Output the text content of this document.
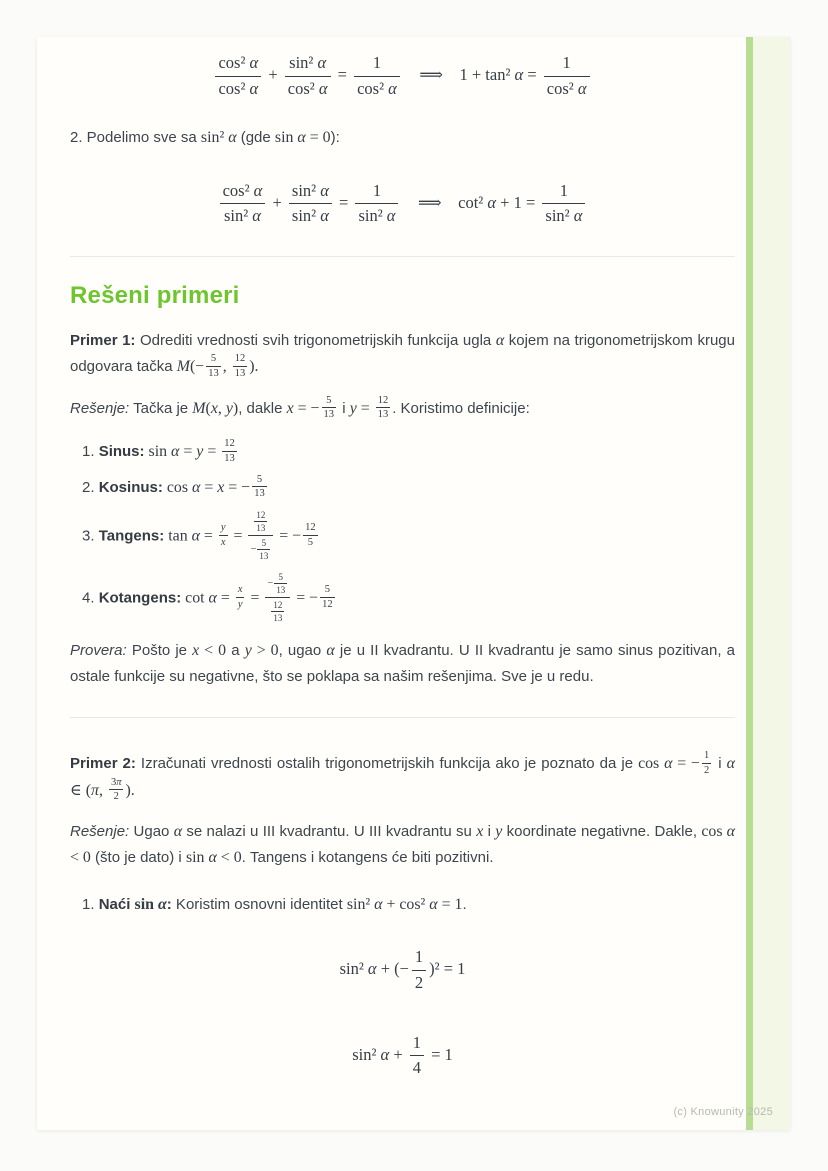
$\frac{\text{cos² α}}{\text{cos² α}} + \frac{\text{sin² α}}{\text{cos² α}} = \frac{1}{\text{cos² α}}$  ⟹ 1 + tan² $\alpha = \frac{1}{\text{cos² α}}$

2. Podelimo sve sa sin² α (gde sin α = 0):

$\frac{\text{cos² α}}{\text{sin² α}} + \frac{\text{sin² α}}{\text{sin² α}} = \frac{1}{\text{sin² α}}$  ⟹ cot² $\alpha + 1 = \frac{1}{\text{sin² α}}$
Rešeni primeri

Primer 1: Odrediti vrednosti svih trigonometrijskih funkcija ugla α kojem na trigonometrijskom krugu odgovara tačka $M(- \frac{5}{13}$ , $\frac{12}{13}$ ).

Rešenje: Tačka je M(x, y), dakle x = − $\frac{5}{13}$ i $y = \frac{12}{13}$ . Koristimo definicije:

1. Sinus: $\sin \alpha = y = \frac{12}{13}$
2. Kosinus: cos α = x = − $\frac{5}{13}$
3. Tangens: $\tan \alpha = \frac{y}{x} = \frac{\frac{12}{13}}{- \frac{5}{13}}$ = − $\frac{12}{5}$
4. Kotangens: $\cot \alpha = \frac{x}{y} = \frac{- \frac{5}{13}}{\frac{12}{13}}$ = − $\frac{5}{12}$

Provera: Pošto je x < 0 a y > 0, ugao α je u II kvadrantu. U II kvadrantu je samo sinus pozitivan, a ostale funkcije su negativne, što se poklapa sa našim rešenjima. Sve je u redu.

Primer 2: Izračunati vrednosti ostalih trigonometrijskih funkcija ako je poznato da je cos α = − $\frac{1}{2}$ i α ∈ (π, $\frac{3\pi}{2}$ ).

Rešenje: Ugao α se nalazi u III kvadrantu. U III kvadrantu su x i y koordinate negativne. Dakle, cos α < 0 (što je dato) i sin α < 0. Tangens i kotangens će biti pozitivni.

1. Naći sin α: Koristim osnovni identitet sin² α + cos² α = 1.
sin² α + (− $\frac{1}{2} )^2 = 1$
sin² $\alpha + \frac{1}{4} = 1$
(c) Knowunity 2025
